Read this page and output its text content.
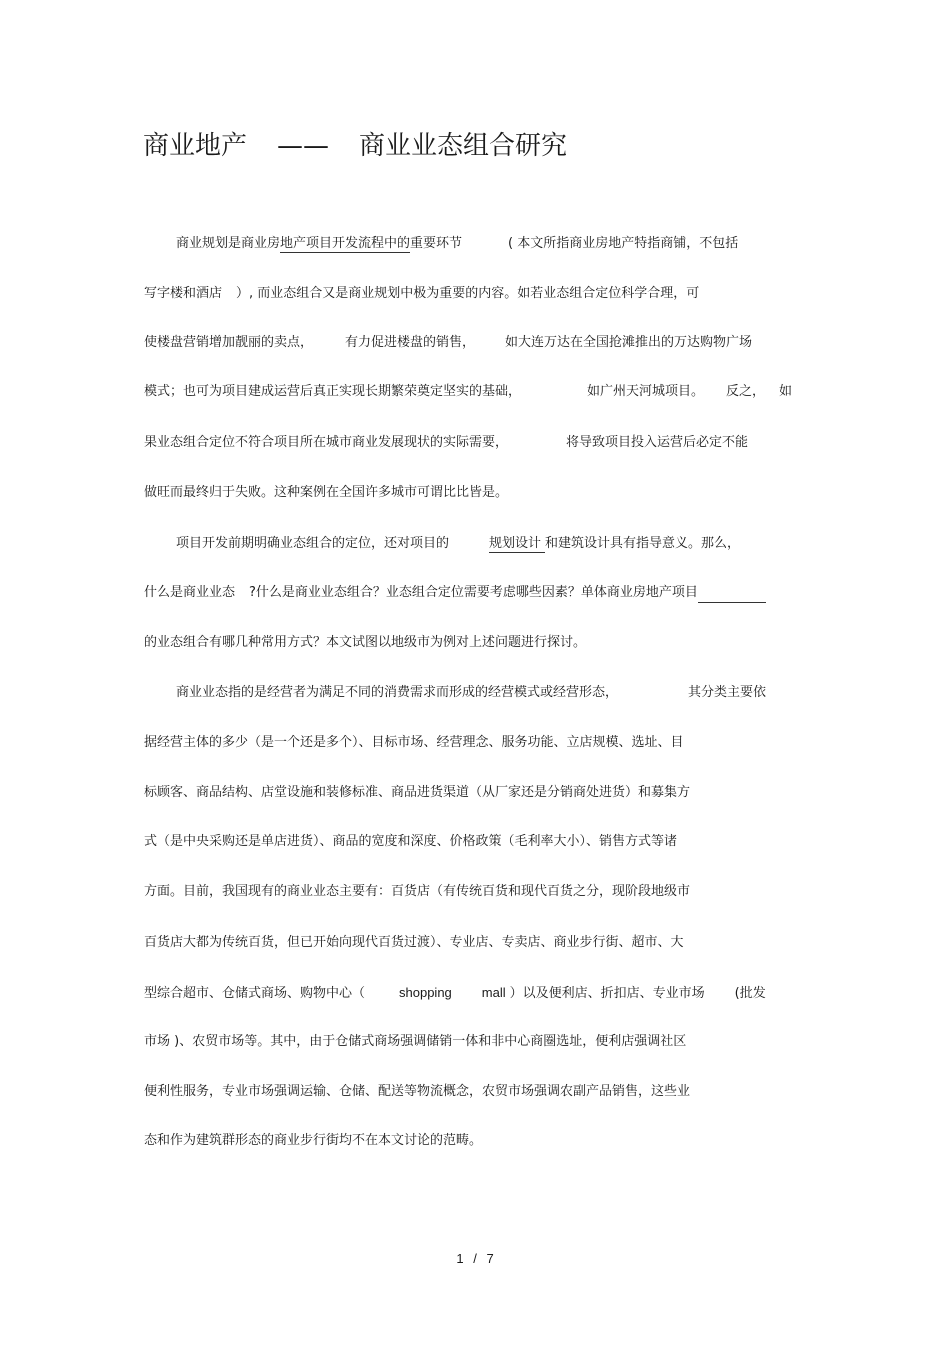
商业地产 —— 商业业态组合研究
商业规划是商业房地产项目开发流程中的重要环节	( 本文所指商业房地产特指商铺，不包括
写字楼和酒店 ）, 而业态组合又是商业规划中极为重要的内容。如若业态组合定位科学合理，可
使楼盘营销增加靓丽的卖点， 有力促进楼盘的销售， 如大连万达在全国抢滩推出的万达购物广场
模式；也可为项目建成运营后真正实现长期繁荣奠定坚实的基础，	如广州天河城项目。 反之， 如
果业态组合定位不符合项目所在城市商业发展现状的实际需要，	将导致项目投入运营后必定不能
做旺而最终归于失败。这种案例在全国许多城市可谓比比皆是。
项目开发前期明确业态组合的定位，还对项目的	规划设计 和建筑设计具有指导意义。那么，
什么是商业业态 ?什么是商业业态组合？业态组合定位需要考虑哪些因素？单体商业房地产项目
的业态组合有哪几种常用方式？本文试图以地级市为例对上述问题进行探讨。
商业业态指的是经营者为满足不同的消费需求而形成的经营模式或经营形态，	其分类主要依
据经营主体的多少（是一个还是多个）、目标市场、经营理念、服务功能、立店规模、选址、目
标顾客、商品结构、店堂设施和装修标准、商品进货渠道（从厂家还是分销商处进货）和募集方
式（是中央采购还是单店进货）、商品的宽度和深度、价格政策（毛利率大小）、销售方式等诸
方面。目前，我国现有的商业业态主要有：百货店（有传统百货和现代百货之分，现阶段地级市
百货店大都为传统百货，但已开始向现代百货过渡）、专业店、专卖店、商业步行街、超市、大
型综合超市、仓储式商场、购物中心（	shopping mall ）以及便利店、折扣店、专业市场 (批发
市场 )、农贸市场等。其中，由于仓储式商场强调储销一体和非中心商圈选址，便利店强调社区
便利性服务，专业市场强调运输、仓储、配送等物流概念，农贸市场强调农副产品销售，这些业
态和作为建筑群形态的商业步行街均不在本文讨论的范畴。
1 / 7
